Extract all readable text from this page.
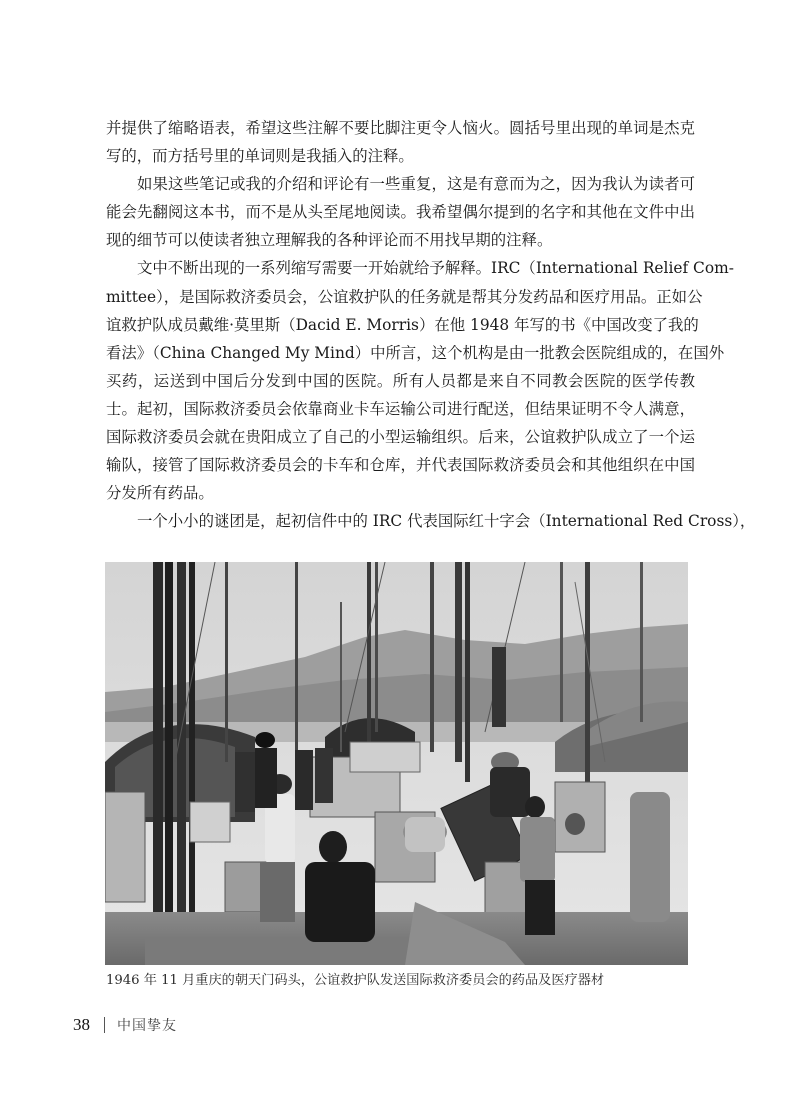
并提供了缩略语表，希望这些注解不要比脚注更令人恼火。圆括号里出现的单词是杰克
写的，而方括号里的单词则是我插入的注释。
如果这些笔记或我的介绍和评论有一些重复，这是有意而为之，因为我认为读者可
能会先翻阅这本书，而不是从头至尾地阅读。我希望偶尔提到的名字和其他在文件中出
现的细节可以使读者独立理解我的各种评论而不用找早期的注释。
文中不断出现的一系列缩写需要一开始就给予解释。IRC（International Relief Com-
mittee），是国际救济委员会，公谊救护队的任务就是帮其分发药品和医疗用品。正如公
谊救护队成员戴维·莫里斯（Dacid E. Morris）在他 1948 年写的书《中国改变了我的
看法》（China Changed My Mind）中所言，这个机构是由一批教会医院组成的，在国外
买药，运送到中国后分发到中国的医院。所有人员都是来自不同教会医院的医学传教
士。起初，国际救济委员会依靠商业卡车运输公司进行配送，但结果证明不令人满意，
国际救济委员会就在贵阳成立了自己的小型运输组织。后来，公谊救护队成立了一个运
输队，接管了国际救济委员会的卡车和仓库，并代表国际救济委员会和其他组织在中国
分发所有药品。
一个小小的谜团是，起初信件中的 IRC 代表国际红十字会（International Red Cross），
1946 年 11 月重庆的朝天门码头，公谊救护队发送国际救济委员会的药品及医疗器材
38 中国挚友
